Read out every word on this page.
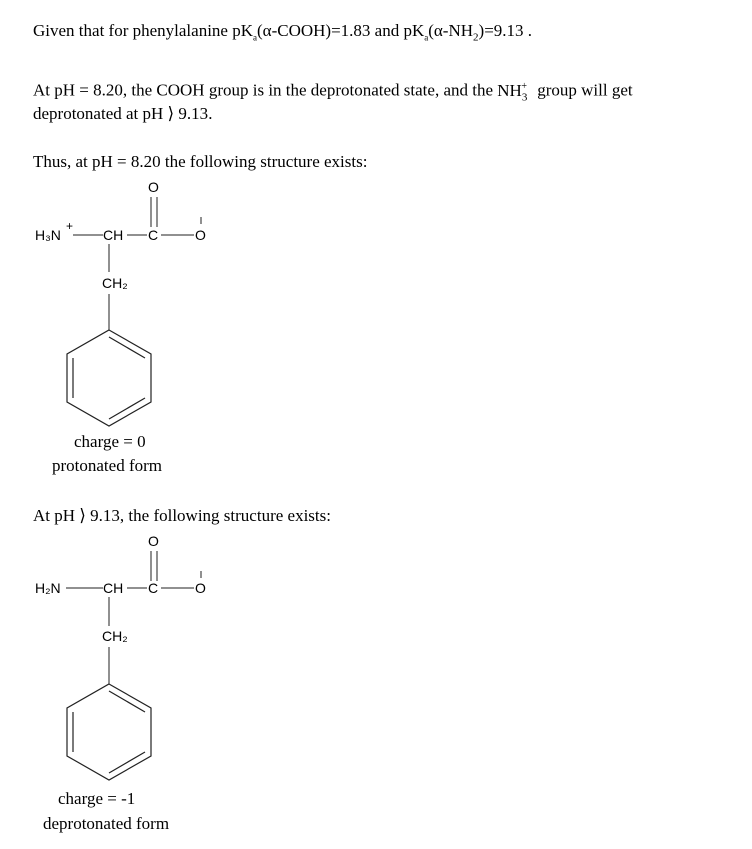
Given that for phenylalanine $pK_a(\alpha-COOH)=1.83$ and $pK_a(\alpha-NH_2)=9.13$ .
At pH = 8.20, the COOH group is in the deprotonated state, and the $NH_3^+$ group will get
deprotonated at pH ⟩ 9.13.
Thus, at pH = 8.20 the following structure exists:
O
H₃N
+
CH C	O
CH₂
charge = 0
protonated form
At pH ⟩ 9.13, the following structure exists:
O
H₂N	CH C	O
CH₂
charge = -1
deprotonated form
